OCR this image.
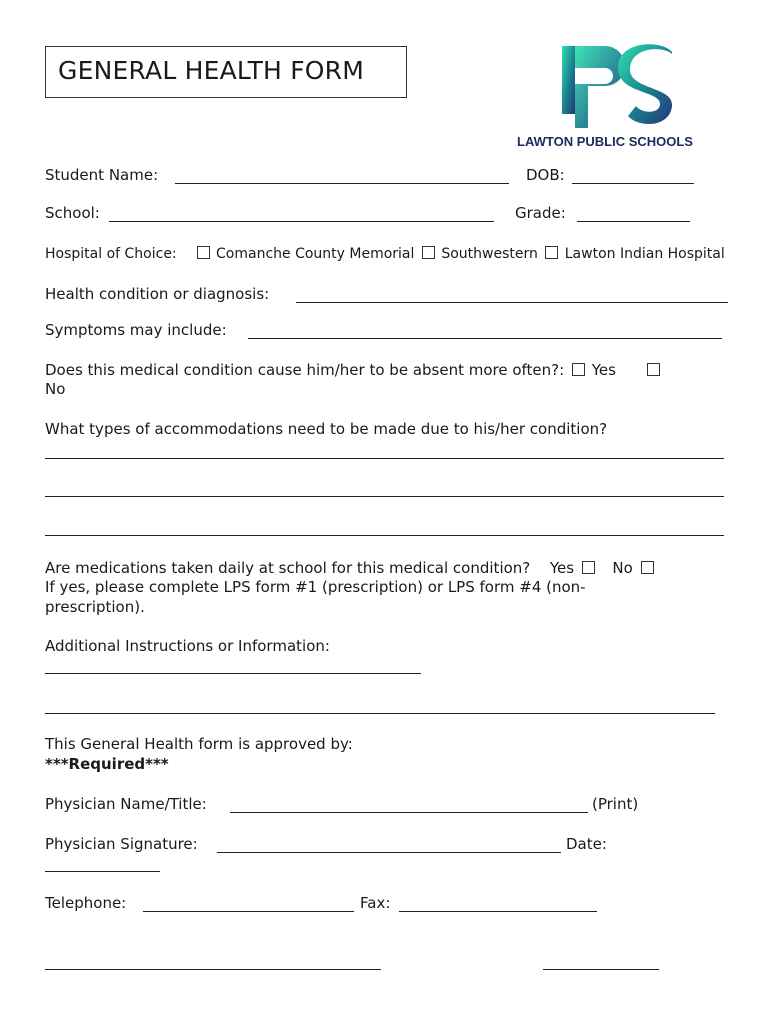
GENERAL HEALTH FORM
LAWTON PUBLIC SCHOOLS
Student Name:	DOB:
School:	Grade:
Hospital of Choice:	Comanche County Memorial Southwestern Lawton Indian Hospital
Health condition or diagnosis:
Symptoms may include:
Does this medical condition cause him/her to be absent more often?: Yes
No
What types of accommodations need to be made due to his/her condition?
Are medications taken daily at school for this medical condition? Yes	No
If yes, please complete LPS form #1 (prescription) or LPS form #4 (non-
prescription).
Additional Instructions or Information:
This General Health form is approved by:
***Required***
Physician Name/Title:	(Print)
Physician Signature:	Date:
Telephone:	Fax:
